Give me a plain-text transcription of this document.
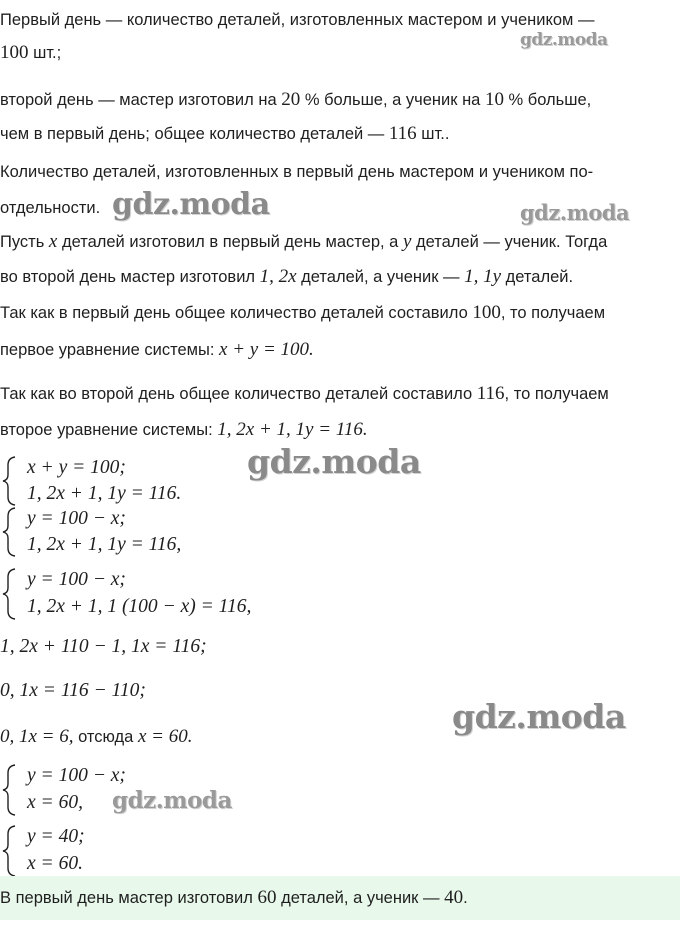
gdz.moda
gdz.moda	gdz.moda
gdz.moda
gdz.moda
gdz.moda
Первый день — количество деталей, изготовленных мастером и учеником —
100 шт.;
второй день — мастер изготовил на 20 % больше, а ученик на 10 % больше,
чем в первый день; общее количество деталей — 116 шт..
Количество деталей, изготовленных в первый день мастером и учеником по-
отдельности.
Пусть x деталей изготовил в первый день мастер, а y деталей — ученик. Тогда
во второй день мастер изготовил 1, 2x деталей, а ученик — 1, 1y деталей.
Так как в первый день общее количество деталей составило 100, то получаем
первое уравнение системы: x + y = 100.
Так как во второй день общее количество деталей составило 116, то получаем
второе уравнение системы: 1, 2x + 1, 1y = 116.
x + y = 100;
1, 2x + 1, 1y = 116.
y = 100 − x;
1, 2x + 1, 1y = 116,
y = 100 − x;
1, 2x + 1, 1 (100 − x) = 116,
1, 2x + 110 − 1, 1x = 116;
0, 1x = 116 − 110;
0, 1x = 6, отсюда x = 60.
y = 100 − x;
x = 60,
y = 40;
x = 60.
В первый день мастер изготовил 60 деталей, а ученик — 40.
